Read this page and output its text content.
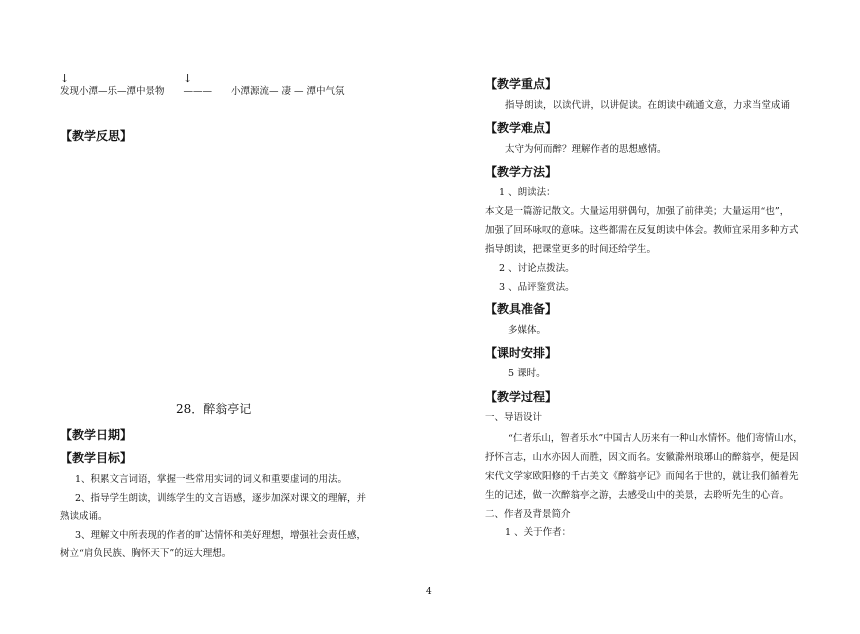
↓	↓
发现小潭—乐—潭中景物　　———　　小潭源流— 凄 — 潭中气氛
【教学反思】
28．醉翁亭记
【教学日期】
【教学目标】
1、积累文言词语，掌握一些常用实词的词义和重要虚词的用法。
2、指导学生朗读，训练学生的文言语感，逐步加深对课文的理解，并
熟读成诵。
3、理解文中所表现的作者的旷达情怀和美好理想，增强社会责任感，
树立“肩负民族、胸怀天下”的远大理想。
【教学重点】
指导朗读，以读代讲，以讲促读。在朗读中疏通文意，力求当堂成诵
【教学难点】
太守为何而醉？理解作者的思想感情。
【教学方法】
1 、朗读法：
本文是一篇游记散文。大量运用骈偶句，加强了前律美；大量运用“也”，
加强了回环咏叹的意味。这些都需在反复朗读中体会。教师宜采用多种方式
指导朗读，把课堂更多的时间还给学生。
2 、讨论点拨法。
3 、品评鉴赏法。
【教具准备】
多媒体。
【课时安排】
5 课时。
【教学过程】
一、导语设计
“仁者乐山，智者乐水”中国古人历来有一种山水情怀。他们寄情山水，
抒怀言志，山水亦因人而胜，因文而名。安徽滁州琅琊山的醉翁亭，便是因
宋代文学家欧阳修的千古美文《醉翁亭记》而闻名于世的，就让我们循着先
生的记述，做一次醉翁亭之游，去感受山中的美景，去聆听先生的心音。
二、作者及背景简介
1 、关于作者：
4
